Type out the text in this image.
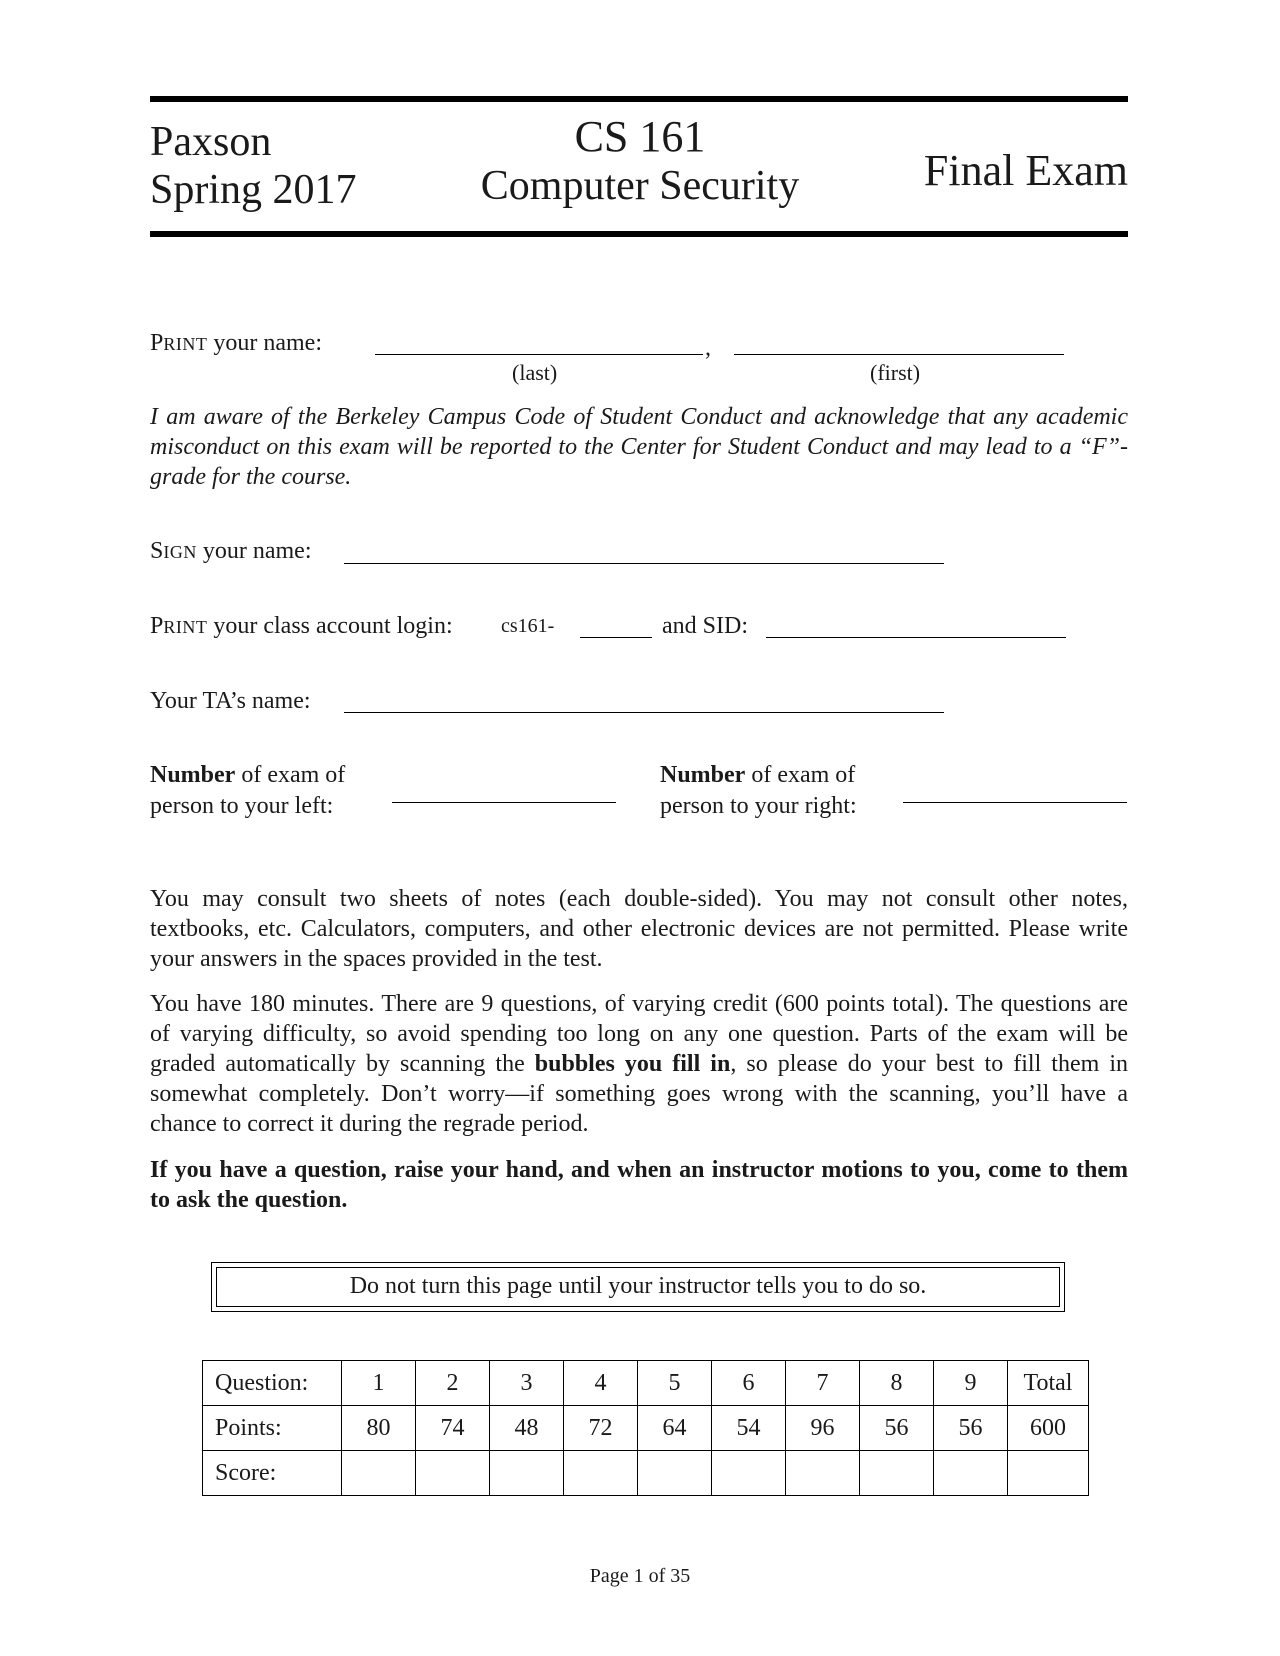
Paxson
Spring 2017
CS 161
Computer Security	Final Exam
PRINT your name:	,
(last)	(first)
I am aware of the Berkeley Campus Code of Student Conduct and acknowledge that any academic misconduct on this exam will be reported to the Center for Student Conduct and may lead to a “F”-grade for the course.
SIGN your name:
PRINT your class account login: cs161-	and SID:
Your TA’s name:
Number of exam of
person to your left:
Number of exam of
person to your right:
You may consult two sheets of notes (each double-sided). You may not consult other notes, textbooks, etc. Calculators, computers, and other electronic devices are not permitted. Please write your answers in the spaces provided in the test.
You have 180 minutes. There are 9 questions, of varying credit (600 points total). The questions are of varying difficulty, so avoid spending too long on any one question. Parts of the exam will be graded automatically by scanning the bubbles you fill in, so please do your best to fill them in somewhat completely. Don’t worry—if something goes wrong with the scanning, you’ll have a chance to correct it during the regrade period.
If you have a question, raise your hand, and when an instructor motions to you, come to them to ask the question.
Do not turn this page until your instructor tells you to do so.
Question:	1	2	3	4	5	6	7	8	9	Total
Points:	80	74	48	72	64	54	96	56	56	600
Score:										
Page 1 of 35
